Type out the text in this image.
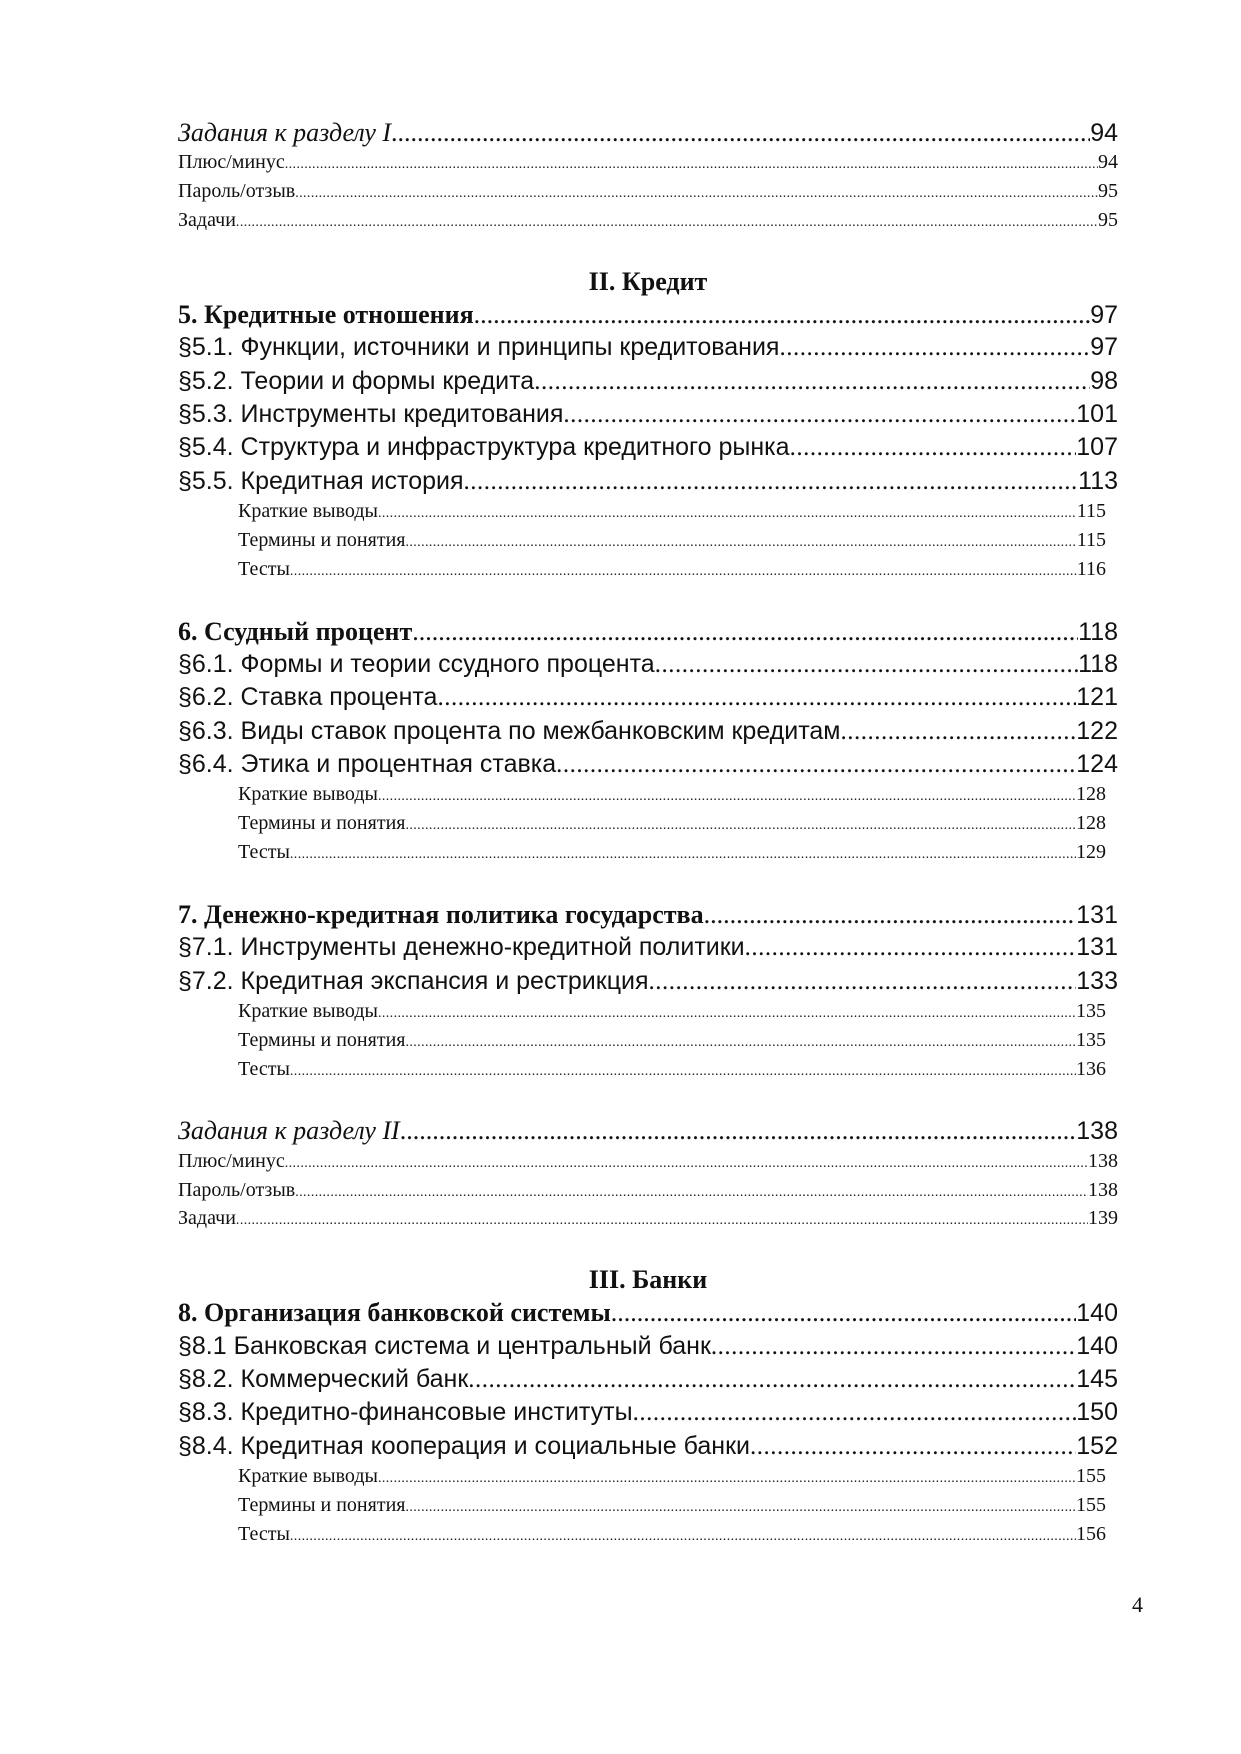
Задания к разделу I .....	94
Плюс/минус .....	94
Пароль/отзыв .....	95
Задачи .....	95
II. Кредит
5. Кредитные отношения .....	97
§5.1. Функции, источники и принципы кредитования .....	97
§5.2. Теории и формы кредита .....	98
§5.3. Инструменты кредитования .....	101
§5.4. Структура и инфраструктура кредитного рынка .....	107
§5.5. Кредитная история .....	113
Краткие выводы .....	115
Термины и понятия .....	115
Тесты .....	116
6. Ссудный процент .....	118
§6.1. Формы и теории ссудного процента .....	118
§6.2. Ставка процента .....	121
§6.3. Виды ставок процента по межбанковским кредитам .....	122
§6.4. Этика и процентная ставка .....	124
Краткие выводы .....	128
Термины и понятия .....	128
Тесты .....	129
7. Денежно-кредитная политика государства .....	131
§7.1. Инструменты денежно-кредитной политики .....	131
§7.2. Кредитная экспансия и рестрикция .....	133
Краткие выводы .....	135
Термины и понятия .....	135
Тесты .....	136
Задания к разделу II .....	138
Плюс/минус .....	138
Пароль/отзыв .....	138
Задачи .....	139
III. Банки
8. Организация банковской системы .....	140
§8.1 Банковская система и центральный банк .....	140
§8.2. Коммерческий банк .....	145
§8.3. Кредитно-финансовые институты .....	150
§8.4. Кредитная кооперация и социальные банки .....	152
Краткие выводы .....	155
Термины и понятия .....	155
Тесты .....	156
4
